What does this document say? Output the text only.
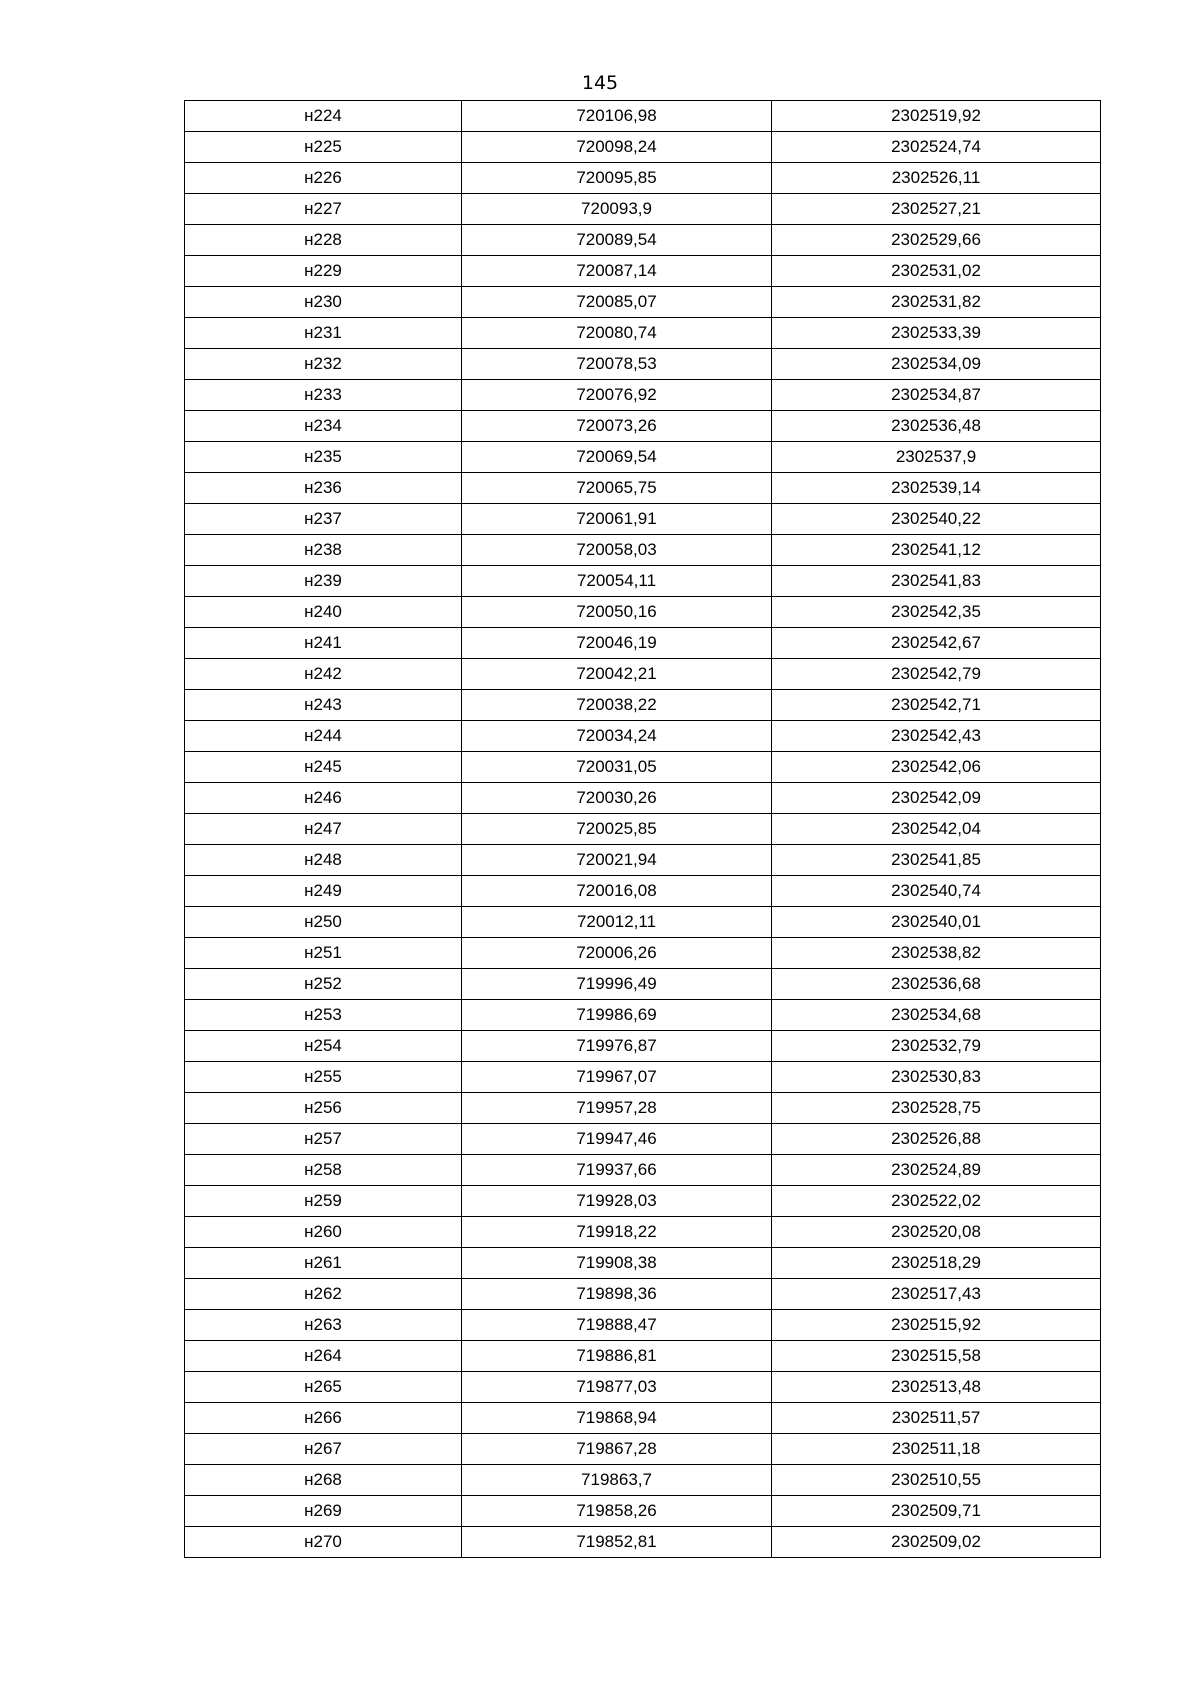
145
н224	720106,98	2302519,92
н225	720098,24	2302524,74
н226	720095,85	2302526,11
н227	720093,9	2302527,21
н228	720089,54	2302529,66
н229	720087,14	2302531,02
н230	720085,07	2302531,82
н231	720080,74	2302533,39
н232	720078,53	2302534,09
н233	720076,92	2302534,87
н234	720073,26	2302536,48
н235	720069,54	2302537,9
н236	720065,75	2302539,14
н237	720061,91	2302540,22
н238	720058,03	2302541,12
н239	720054,11	2302541,83
н240	720050,16	2302542,35
н241	720046,19	2302542,67
н242	720042,21	2302542,79
н243	720038,22	2302542,71
н244	720034,24	2302542,43
н245	720031,05	2302542,06
н246	720030,26	2302542,09
н247	720025,85	2302542,04
н248	720021,94	2302541,85
н249	720016,08	2302540,74
н250	720012,11	2302540,01
н251	720006,26	2302538,82
н252	719996,49	2302536,68
н253	719986,69	2302534,68
н254	719976,87	2302532,79
н255	719967,07	2302530,83
н256	719957,28	2302528,75
н257	719947,46	2302526,88
н258	719937,66	2302524,89
н259	719928,03	2302522,02
н260	719918,22	2302520,08
н261	719908,38	2302518,29
н262	719898,36	2302517,43
н263	719888,47	2302515,92
н264	719886,81	2302515,58
н265	719877,03	2302513,48
н266	719868,94	2302511,57
н267	719867,28	2302511,18
н268	719863,7	2302510,55
н269	719858,26	2302509,71
н270	719852,81	2302509,02
